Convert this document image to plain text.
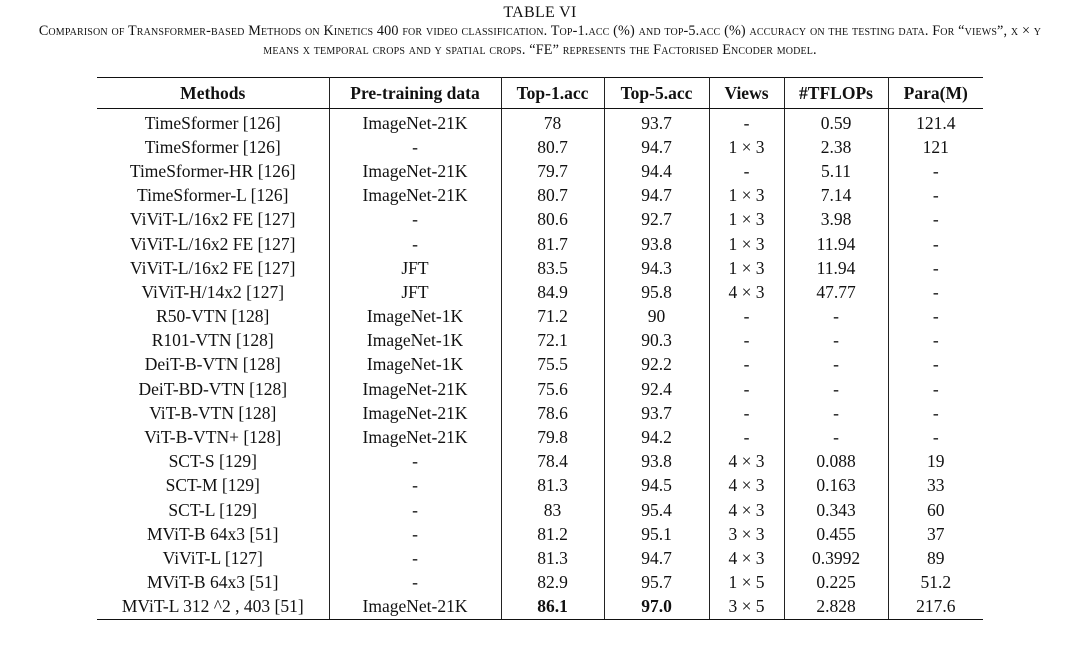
TABLE VI
Comparison of Transformer-based Methods on Kinetics 400 for video classification. Top-1.acc (%) and top-5.acc (%) accuracy on the testing data. For “views”, x × y means x temporal crops and y spatial crops. “FE” represents the Factorised Encoder model.
Methods	Pre-training data	Top-1.acc	Top-5.acc	Views	#TFLOPs	Para(M)
TimeSformer [126]	ImageNet-21K	78	93.7	-	0.59	121.4
TimeSformer [126]	-	80.7	94.7	1 × 3	2.38	121
TimeSformer-HR [126]	ImageNet-21K	79.7	94.4	-	5.11	-
TimeSformer-L [126]	ImageNet-21K	80.7	94.7	1 × 3	7.14	-
ViViT-L/16x2 FE [127]	-	80.6	92.7	1 × 3	3.98	-
ViViT-L/16x2 FE [127]	-	81.7	93.8	1 × 3	11.94	-
ViViT-L/16x2 FE [127]	JFT	83.5	94.3	1 × 3	11.94	-
ViViT-H/14x2 [127]	JFT	84.9	95.8	4 × 3	47.77	-
R50-VTN [128]	ImageNet-1K	71.2	90	-	-	-
R101-VTN [128]	ImageNet-1K	72.1	90.3	-	-	-
DeiT-B-VTN [128]	ImageNet-1K	75.5	92.2	-	-	-
DeiT-BD-VTN [128]	ImageNet-21K	75.6	92.4	-	-	-
ViT-B-VTN [128]	ImageNet-21K	78.6	93.7	-	-	-
ViT-B-VTN+ [128]	ImageNet-21K	79.8	94.2	-	-	-
SCT-S [129]	-	78.4	93.8	4 × 3	0.088	19
SCT-M [129]	-	81.3	94.5	4 × 3	0.163	33
SCT-L [129]	-	83	95.4	4 × 3	0.343	60
MViT-B 64x3 [51]	-	81.2	95.1	3 × 3	0.455	37
ViViT-L [127]	-	81.3	94.7	4 × 3	0.3992	89
MViT-B 64x3 [51]	-	82.9	95.7	1 × 5	0.225	51.2
MViT-L 312 ^2 , 403 [51]	ImageNet-21K	86.1	97.0	3 × 5	2.828	217.6
